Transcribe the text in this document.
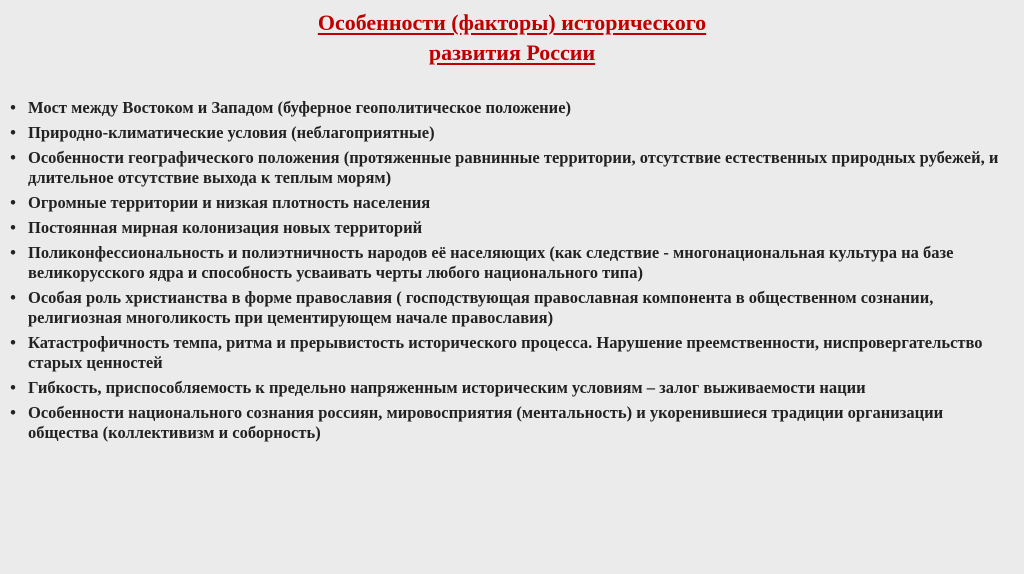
Особенности (факторы) исторического
развития России
•
Мост между Востоком и Западом (буферное геополитическое положение)
•
Природно-климатические условия (неблагоприятные)
•
Особенности географического положения (протяженные равнинные территории, отсутствие естественных природных рубежей, и длительное отсутствие выхода к теплым морям)
•
Огромные территории и низкая плотность населения
•
Постоянная мирная колонизация новых территорий
•
Поликонфессиональность и полиэтничность народов её населяющих (как следствие - многонациональная культура на базе великорусского ядра и способность усваивать черты любого национального типа)
•
Особая роль христианства в форме православия ( господствующая православная компонента в общественном сознании, религиозная многоликость при цементирующем начале православия)
•
Катастрофичность темпа, ритма и прерывистость исторического процесса. Нарушение преемственности, ниспровергательство старых ценностей
•
Гибкость, приспособляемость к предельно напряженным историческим условиям – залог выживаемости нации
•
Особенности национального сознания россиян, мировосприятия (ментальность) и укоренившиеся традиции организации общества (коллективизм и соборность)
